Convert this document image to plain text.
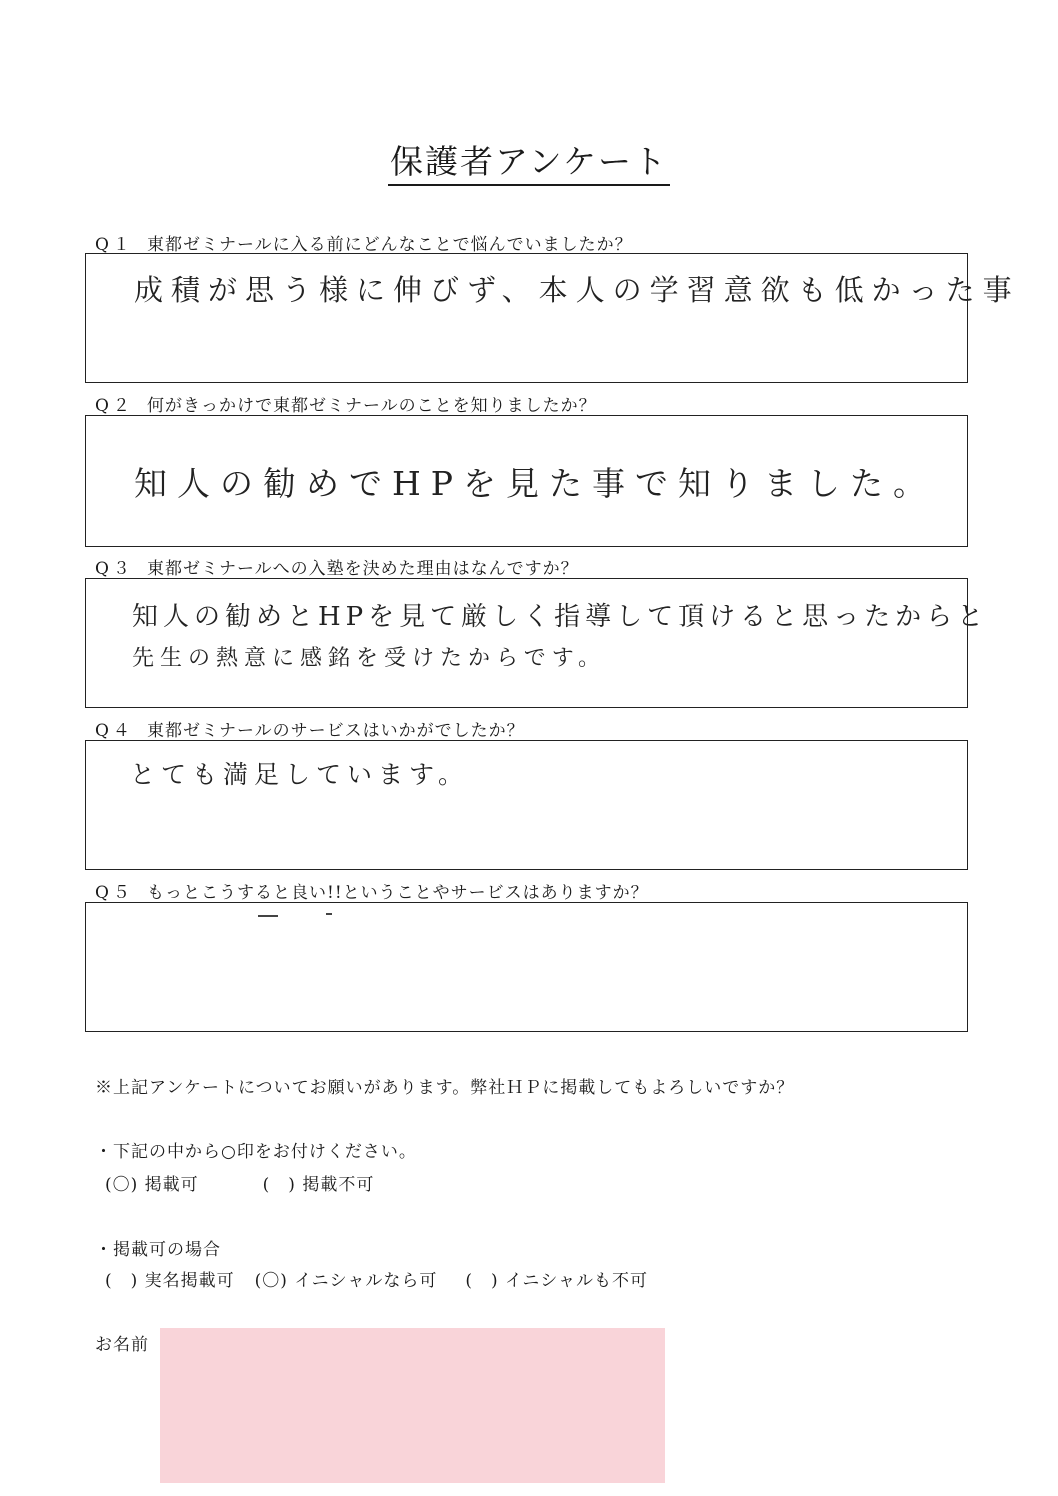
保護者アンケート
Q１ 東都ゼミナールに入る前にどんなことで悩んでいましたか？
成積が思う様に伸びず、本人の学習意欲も低かった事
Q２ 何がきっかけで東都ゼミナールのことを知りましたか？
知人の勧めでHPを見た事で知りました。
Q３ 東都ゼミナールへの入塾を決めた理由はなんですか？
知人の勧めとHPを見て厳しく指導して頂けると思ったからと
先生の熱意に感銘を受けたからです。
Q４ 東都ゼミナールのサービスはいかがでしたか？
とても満足しています。
Q５ もっとこうすると良い!!ということやサービスはありますか？
※上記アンケートについてお願いがあります。弊社ＨＰに掲載してもよろしいですか？
・下記の中から○印をお付けください。
(〇) 掲載可	(　) 掲載不可
・掲載可の場合
(　) 実名掲載可 (〇) イニシャルなら可 (　) イニシャルも不可
お名前
